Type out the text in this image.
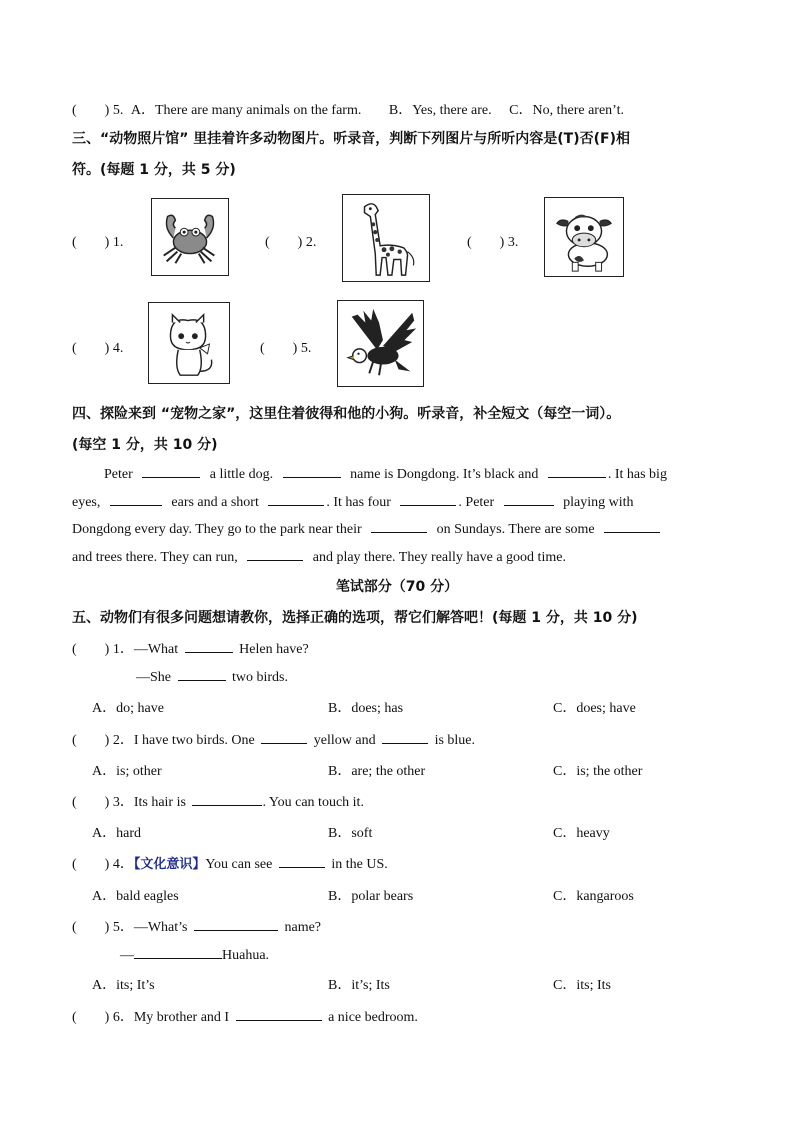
(　　) 5. A．There are many animals on the farm. B．Yes, there are. C．No, there aren’t.
三、“动物照片馆” 里挂着许多动物图片。听录音，判断下列图片与所听内容是(T)否(F)相
符。(每题 1 分，共 5 分)
(　　) 1.	(　　) 2.	(　　) 3.
(　　) 4.	(　　) 5.
四、探险来到 “宠物之家”，这里住着彼得和他的小狗。听录音，补全短文（每空一词）。
(每空 1 分，共 10 分)
Peter	a little dog.	name is Dongdong. It’s black and	. It has big
eyes,	ears and a short	. It has four	. Peter	playing with
Dongdong every day. They go to the park near their	on Sundays. There are some
and trees there. They can run,	and play there. They really have a good time.
笔试部分（70 分）
五、动物们有很多问题想请教你，选择正确的选项，帮它们解答吧！(每题 1 分，共 10 分)
(　　) 1．—What	Helen have?
—She	two birds.
A．do; have	B．does; has	C．does; have
(　　) 2．I have two birds. One	yellow and	is blue.
A．is; other	B．are; the other	C．is; the other
(　　) 3．Its hair is	. You can touch it.
A．hard	B．soft	C．heavy
(　　) 4．【文化意识】You can see	in the US.
A．bald eagles	B．polar bears	C．kangaroos
(　　) 5．—What’s	name?
—	Huahua.
A．its; It’s	B．it’s; Its	C．its; Its
(　　) 6．My brother and I	a nice bedroom.
